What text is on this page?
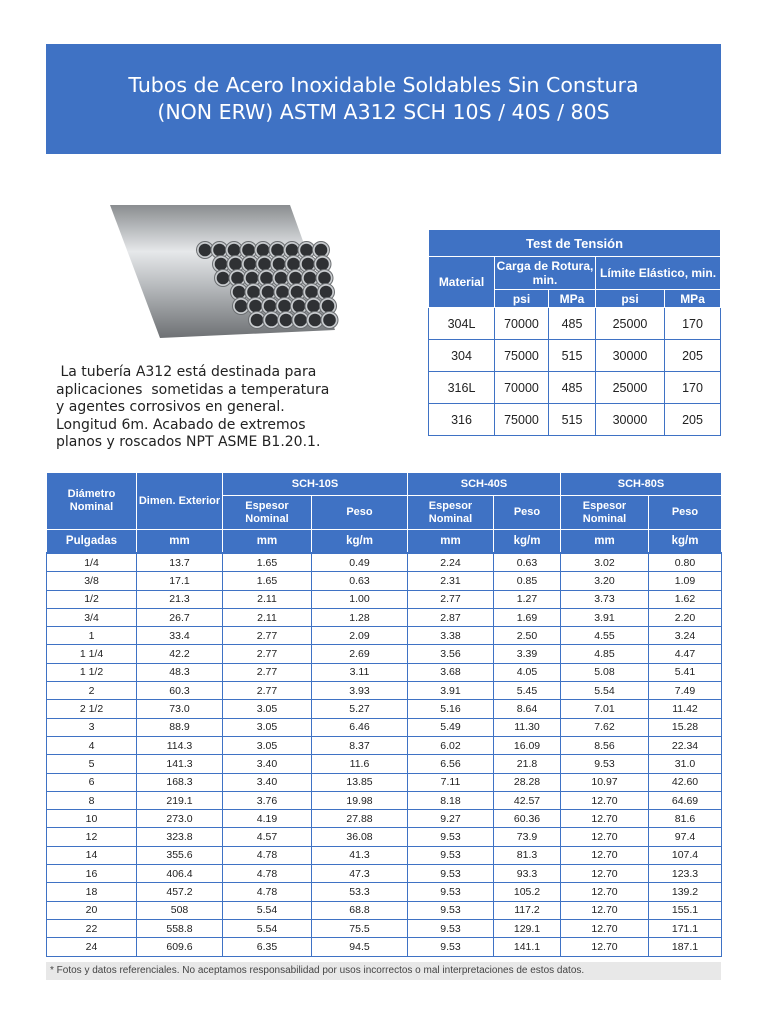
Tubos de Acero Inoxidable Soldables Sin Constura
(NON ERW) ASTM A312 SCH 10S / 40S / 80S
La tubería A312 está destinada para
aplicaciones  sometidas a temperatura
y agentes corrosivos en general.
Longitud 6m. Acabado de extremos
planos y roscados NPT ASME B1.20.1.
Test de Tensión				
Material	Carga de Rotura, min.		Límite Elástico, min.	
	psi	MPa	psi	MPa
304L	70000	485	25000	170
304	75000	515	30000	205
316L	70000	485	25000	170
316	75000	515	30000	205
Diámetro Nominal	Dimen. Exterior	SCH-10S		SCH-40S		SCH-80S	
		Espesor Nominal	Peso	Espesor Nominal	Peso	Espesor Nominal	Peso
Pulgadas	mm	mm	kg/m	mm	kg/m	mm	kg/m
1/4	13.7	1.65	0.49	2.24	0.63	3.02	0.80
3/8	17.1	1.65	0.63	2.31	0.85	3.20	1.09
1/2	21.3	2.11	1.00	2.77	1.27	3.73	1.62
3/4	26.7	2.11	1.28	2.87	1.69	3.91	2.20
1	33.4	2.77	2.09	3.38	2.50	4.55	3.24
1 1/4	42.2	2.77	2.69	3.56	3.39	4.85	4.47
1 1/2	48.3	2.77	3.11	3.68	4.05	5.08	5.41
2	60.3	2.77	3.93	3.91	5.45	5.54	7.49
2 1/2	73.0	3.05	5.27	5.16	8.64	7.01	11.42
3	88.9	3.05	6.46	5.49	11.30	7.62	15.28
4	114.3	3.05	8.37	6.02	16.09	8.56	22.34
5	141.3	3.40	11.6	6.56	21.8	9.53	31.0
6	168.3	3.40	13.85	7.11	28.28	10.97	42.60
8	219.1	3.76	19.98	8.18	42.57	12.70	64.69
10	273.0	4.19	27.88	9.27	60.36	12.70	81.6
12	323.8	4.57	36.08	9.53	73.9	12.70	97.4
14	355.6	4.78	41.3	9.53	81.3	12.70	107.4
16	406.4	4.78	47.3	9.53	93.3	12.70	123.3
18	457.2	4.78	53.3	9.53	105.2	12.70	139.2
20	508	5.54	68.8	9.53	117.2	12.70	155.1
22	558.8	5.54	75.5	9.53	129.1	12.70	171.1
24	609.6	6.35	94.5	9.53	141.1	12.70	187.1
* Fotos y datos referenciales. No aceptamos responsabilidad por usos incorrectos o mal interpretaciones de estos datos.
